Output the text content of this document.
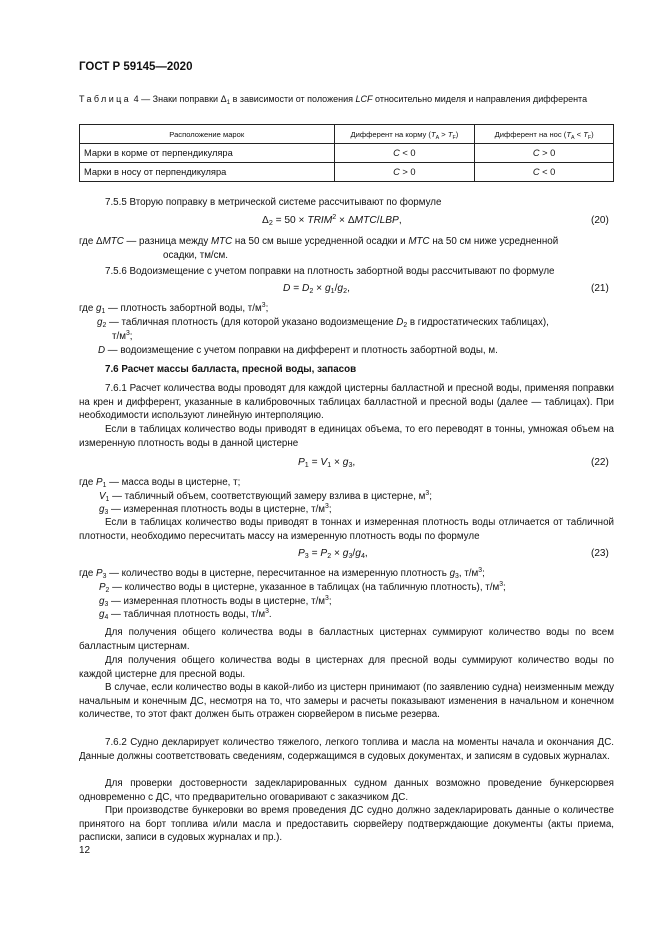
ГОСТ Р 59145—2020
Таблица 4 — Знаки поправки $\Delta_1$ в зависимости от положения LCF относительно миделя и направления дифферента
Расположение марок	Дифферент на корму $(T_A > T_F)$	Дифферент на нос $(T_A < T_F)$
Марки в корме от перпендикуляра	C < 0	C > 0
Марки в носу от перпендикуляра	C > 0	C < 0
7.5.5 Вторую поправку в метрической системе рассчитывают по формуле
$\Delta_2 = 50$ × $TRIM^2 \times \Delta MTC/LBP$,	(20)
где ΔMTC — разница между MTC на 50 см выше усредненной осадки и MTC на 50 см ниже усредненной
осадки, тм/см.
7.5.6 Водоизмещение с учетом поправки на плотность забортной воды рассчитывают по формуле
$D = D_2 \times g_1/g_2$,	(21)
где $g_1$ — плотность забортной воды, $т/м^3$;
$g_2$ — табличная плотность (для которой указано водоизмещение $D_2$ в гидростатических таблицах),
$т/м^3$;
D — водоизмещение с учетом поправки на дифферент и плотность забортной воды, м.
7.6 Расчет массы балласта, пресной воды, запасов
7.6.1 Расчет количества воды проводят для каждой цистерны балластной и пресной воды, применяя поправки на крен и дифферент, указанные в калибровочных таблицах балластной и пресной воды (далее — таблицах). При необходимости используют линейную интерполяцию.
Если в таблицах количество воды приводят в единицах объема, то его переводят в тонны, умножая объем на измеренную плотность воды в данной цистерне
$P_1 = V_1 \times g_3$,	(22)
где $P_1$ — масса воды в цистерне, т;
$V_1$ — табличный объем, соответствующий замеру взлива в цистерне, $м^3$;
$g_3$ — измеренная плотность воды в цистерне, $т/м^3$;
Если в таблицах количество воды приводят в тоннах и измеренная плотность воды отличается от табличной плотности, необходимо пересчитать массу на измеренную плотность воды по формуле
$P_3 = P_2 \times g_3/g_4$,	(23)
где $P_3$ — количество воды в цистерне, пересчитанное на измеренную плотность $g_3$, $т/м^3$;
$P_2$ — количество воды в цистерне, указанное в таблицах (на табличную плотность), $т/м^3$;
$g_3$ — измеренная плотность воды в цистерне, $т/м^3$;
$g_4$ — табличная плотность воды, $т/м^3$.
Для получения общего количества воды в балластных цистернах суммируют количество воды по всем балластным цистернам.
Для получения общего количества воды в цистернах для пресной воды суммируют количество воды по каждой цистерне для пресной воды.
В случае, если количество воды в какой-либо из цистерн принимают (по заявлению судна) неизменным между начальным и конечным ДС, несмотря на то, что замеры и расчеты показывают изменения в начальном и конечном количестве, то этот факт должен быть отражен сюрвейером в письме резерва.
7.6.2 Судно декларирует количество тяжелого, легкого топлива и масла на моменты начала и окончания ДС. Данные должны соответствовать сведениям, содержащимся в судовых документах, и записям в судовых журналах.
Для проверки достоверности задекларированных судном данных возможно проведение бункерсюрвея одновременно с ДС, что предварительно оговаривают с заказчиком ДС.
При производстве бункеровки во время проведения ДС судно должно задекларировать данные о количестве принятого на борт топлива и/или масла и предоставить сюрвейеру подтверждающие документы (акты приема, расписки, записи в судовых журналах и пр.).
12
